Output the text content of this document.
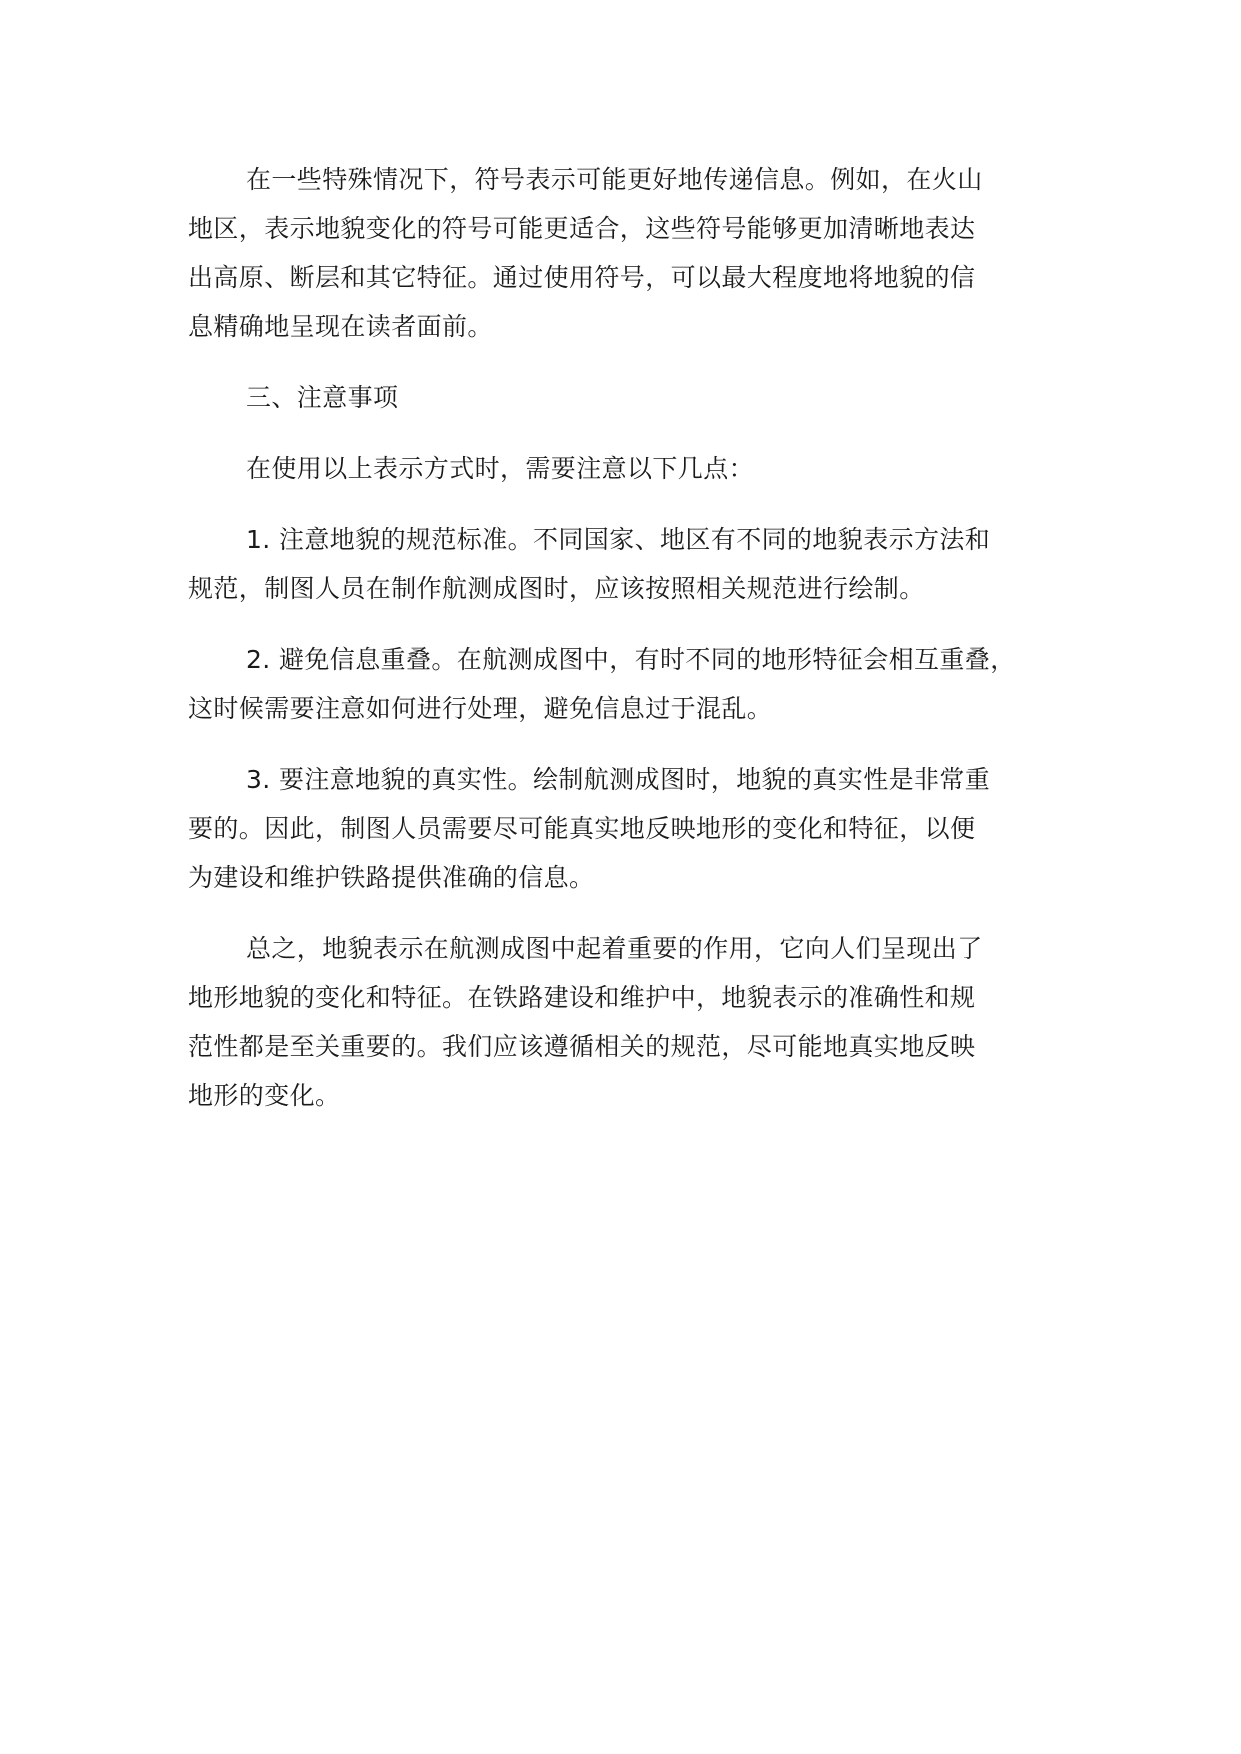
在一些特殊情况下，符号表示可能更好地传递信息。例如，在火山
地区，表示地貌变化的符号可能更适合，这些符号能够更加清晰地表达
出高原、断层和其它特征。通过使用符号，可以最大程度地将地貌的信
息精确地呈现在读者面前。

三、注意事项

在使用以上表示方式时，需要注意以下几点：

1. 注意地貌的规范标准。不同国家、地区有不同的地貌表示方法和
规范，制图人员在制作航测成图时，应该按照相关规范进行绘制。

2. 避免信息重叠。在航测成图中，有时不同的地形特征会相互重叠，
这时候需要注意如何进行处理，避免信息过于混乱。

3. 要注意地貌的真实性。绘制航测成图时，地貌的真实性是非常重
要的。因此，制图人员需要尽可能真实地反映地形的变化和特征，以便
为建设和维护铁路提供准确的信息。

总之，地貌表示在航测成图中起着重要的作用，它向人们呈现出了
地形地貌的变化和特征。在铁路建设和维护中，地貌表示的准确性和规
范性都是至关重要的。我们应该遵循相关的规范，尽可能地真实地反映
地形的变化。
